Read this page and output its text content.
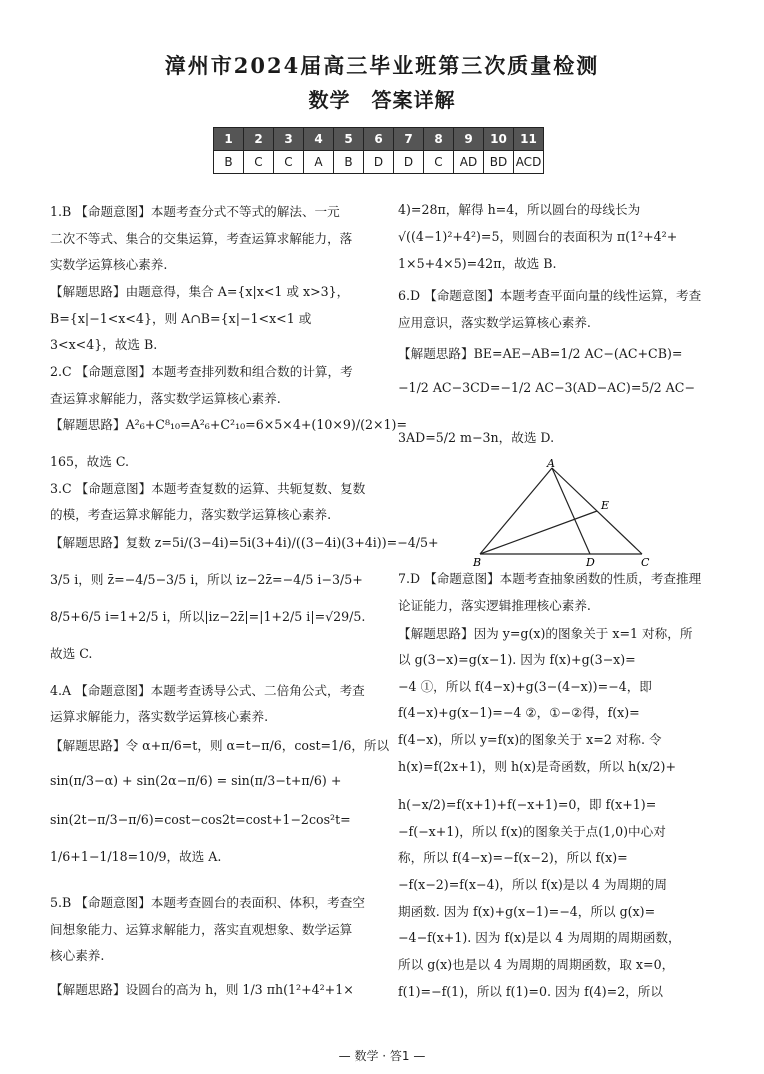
漳州市2024届高三毕业班第三次质量检测
数学　答案详解
1	2	3	4	5	6	7	8	9	10	11
B	C	C	A	B	D	D	C	AD	BD	ACD
1.B 【命题意图】本题考查分式不等式的解法、一元
二次不等式、集合的交集运算，考查运算求解能力，落
实数学运算核心素养.
【解题思路】由题意得，集合 A={x|x<1 或 x>3}，
B={x|−1<x<4}，则 A∩B={x|−1<x<1 或
3<x<4}，故选 B.
2.C 【命题意图】本题考查排列数和组合数的计算，考
查运算求解能力，落实数学运算核心素养.
【解题思路】A²₆+C⁸₁₀=A²₆+C²₁₀=6×5×4+(10×9)/(2×1)=
165，故选 C.
3.C 【命题意图】本题考查复数的运算、共轭复数、复数
的模，考查运算求解能力，落实数学运算核心素养.
【解题思路】复数 z=5i/(3−4i)=5i(3+4i)/((3−4i)(3+4i))=−4/5+
3/5 i，则 z̄=−4/5−3/5 i，所以 iz−2z̄=−4/5 i−3/5+
8/5+6/5 i=1+2/5 i，所以|iz−2z̄|=|1+2/5 i|=√29/5.
故选 C.
4.A 【命题意图】本题考查诱导公式、二倍角公式，考查
运算求解能力，落实数学运算核心素养.
【解题思路】令 α+π/6=t，则 α=t−π/6，cost=1/6，所以
sin(π/3−α) + sin(2α−π/6) = sin(π/3−t+π/6) +
sin(2t−π/3−π/6)=cost−cos2t=cost+1−2cos²t=
1/6+1−1/18=10/9，故选 A.
5.B 【命题意图】本题考查圆台的表面积、体积，考查空
间想象能力、运算求解能力，落实直观想象、数学运算
核心素养.
【解题思路】设圆台的高为 h，则 1/3 πh(1²+4²+1×
4)=28π，解得 h=4，所以圆台的母线长为
√((4−1)²+4²)=5，则圆台的表面积为 π(1²+4²+
1×5+4×5)=42π，故选 B.
6.D 【命题意图】本题考查平面向量的线性运算，考查
应用意识，落实数学运算核心素养.
【解题思路】BE=AE−AB=1/2 AC−(AC+CB)=
−1/2 AC−3CD=−1/2 AC−3(AD−AC)=5/2 AC−
3AD=5/2 m−3n，故选 D.
7.D 【命题意图】本题考查抽象函数的性质，考查推理
论证能力，落实逻辑推理核心素养.
【解题思路】因为 y=g(x)的图象关于 x=1 对称，所
以 g(3−x)=g(x−1). 因为 f(x)+g(3−x)=
−4 ①，所以 f(4−x)+g(3−(4−x))=−4，即
f(4−x)+g(x−1)=−4 ②，①−②得，f(x)=
f(4−x)，所以 y=f(x)的图象关于 x=2 对称. 令
h(x)=f(2x+1)，则 h(x)是奇函数，所以 h(x/2)+
h(−x/2)=f(x+1)+f(−x+1)=0，即 f(x+1)=
−f(−x+1)，所以 f(x)的图象关于点(1,0)中心对
称，所以 f(4−x)=−f(x−2)，所以 f(x)=
−f(x−2)=f(x−4)，所以 f(x)是以 4 为周期的周
期函数. 因为 f(x)+g(x−1)=−4，所以 g(x)=
−4−f(x+1). 因为 f(x)是以 4 为周期的周期函数，
所以 g(x)也是以 4 为周期的周期函数，取 x=0，
f(1)=−f(1)，所以 f(1)=0. 因为 f(4)=2，所以
A
E
B	D	C
— 数学 · 答1 —
